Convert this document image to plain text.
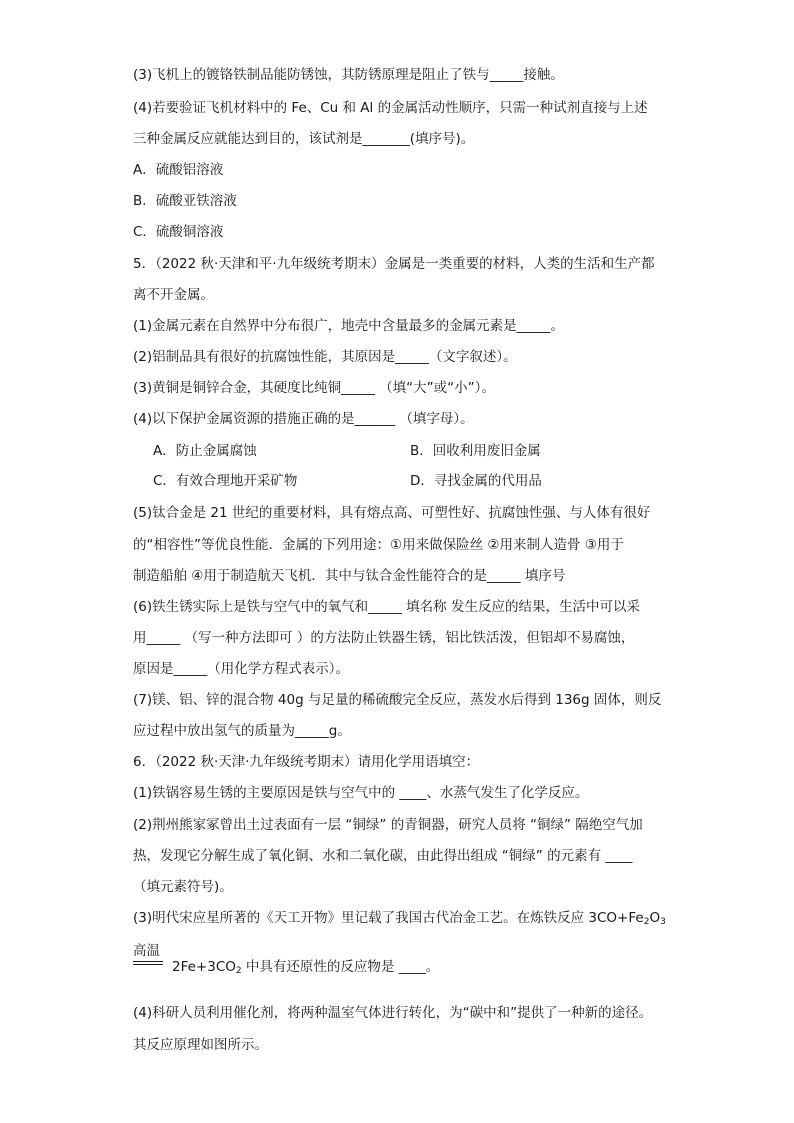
(3)飞机上的镀铬铁制品能防锈蚀，其防锈原理是阻止了铁与_____接触。
(4)若要验证飞机材料中的 Fe、Cu 和 Al 的金属活动性顺序，只需一种试剂直接与上述
三种金属反应就能达到目的，该试剂是_______(填序号)。
A．硫酸铝溶液
B．硫酸亚铁溶液
C．硫酸铜溶液
5．（2022 秋·天津和平·九年级统考期末）金属是一类重要的材料，人类的生活和生产都
离不开金属。
(1)金属元素在自然界中分布很广，地壳中含量最多的金属元素是_____。
(2)铝制品具有很好的抗腐蚀性能，其原因是_____（文字叙述）。
(3)黄铜是铜锌合金，其硬度比纯铜_____ （填“大”或“小”）。
(4)以下保护金属资源的措施正确的是______ （填字母）。
A．防止金属腐蚀	B．回收利用废旧金属
C．有效合理地开采矿物	D．寻找金属的代用品
(5)钛合金是 21 世纪的重要材料，具有熔点高、可塑性好、抗腐蚀性强、与人体有很好
的“相容性”等优良性能．金属的下列用途：①用来做保险丝 ②用来制人造骨 ③用于
制造船舶 ④用于制造航天飞机．其中与钛合金性能符合的是_____ 填序号
(6)铁生锈实际上是铁与空气中的氧气和_____ 填名称 发生反应的结果，生活中可以采
用_____ （写一种方法即可 ）的方法防止铁器生锈，铝比铁活泼，但铝却不易腐蚀，
原因是_____（用化学方程式表示）。
(7)镁、铝、锌的混合物 40g 与足量的稀硫酸完全反应，蒸发水后得到 136g 固体，则反
应过程中放出氢气的质量为_____g。
6．（2022 秋·天津·九年级统考期末）请用化学用语填空：
(1)铁锅容易生锈的主要原因是铁与空气中的 ____、水蒸气发生了化学反应。
(2)荆州熊家冢曾出土过表面有一层 “铜绿” 的青铜器，研究人员将 “铜绿” 隔绝空气加
热，发现它分解生成了氧化铜、水和二氧化碳，由此得出组成 “铜绿” 的元素有 ____
（填元素符号)。
(3)明代宋应星所著的《天工开物》里记载了我国古代冶金工艺。在炼铁反应 $3CO+Fe_2O_3$
高温
$2Fe+3CO_2$ 中具有还原性的反应物是 ____。
(4)科研人员利用催化剂，将两种温室气体进行转化，为“碳中和”提供了一种新的途径。
其反应原理如图所示。
